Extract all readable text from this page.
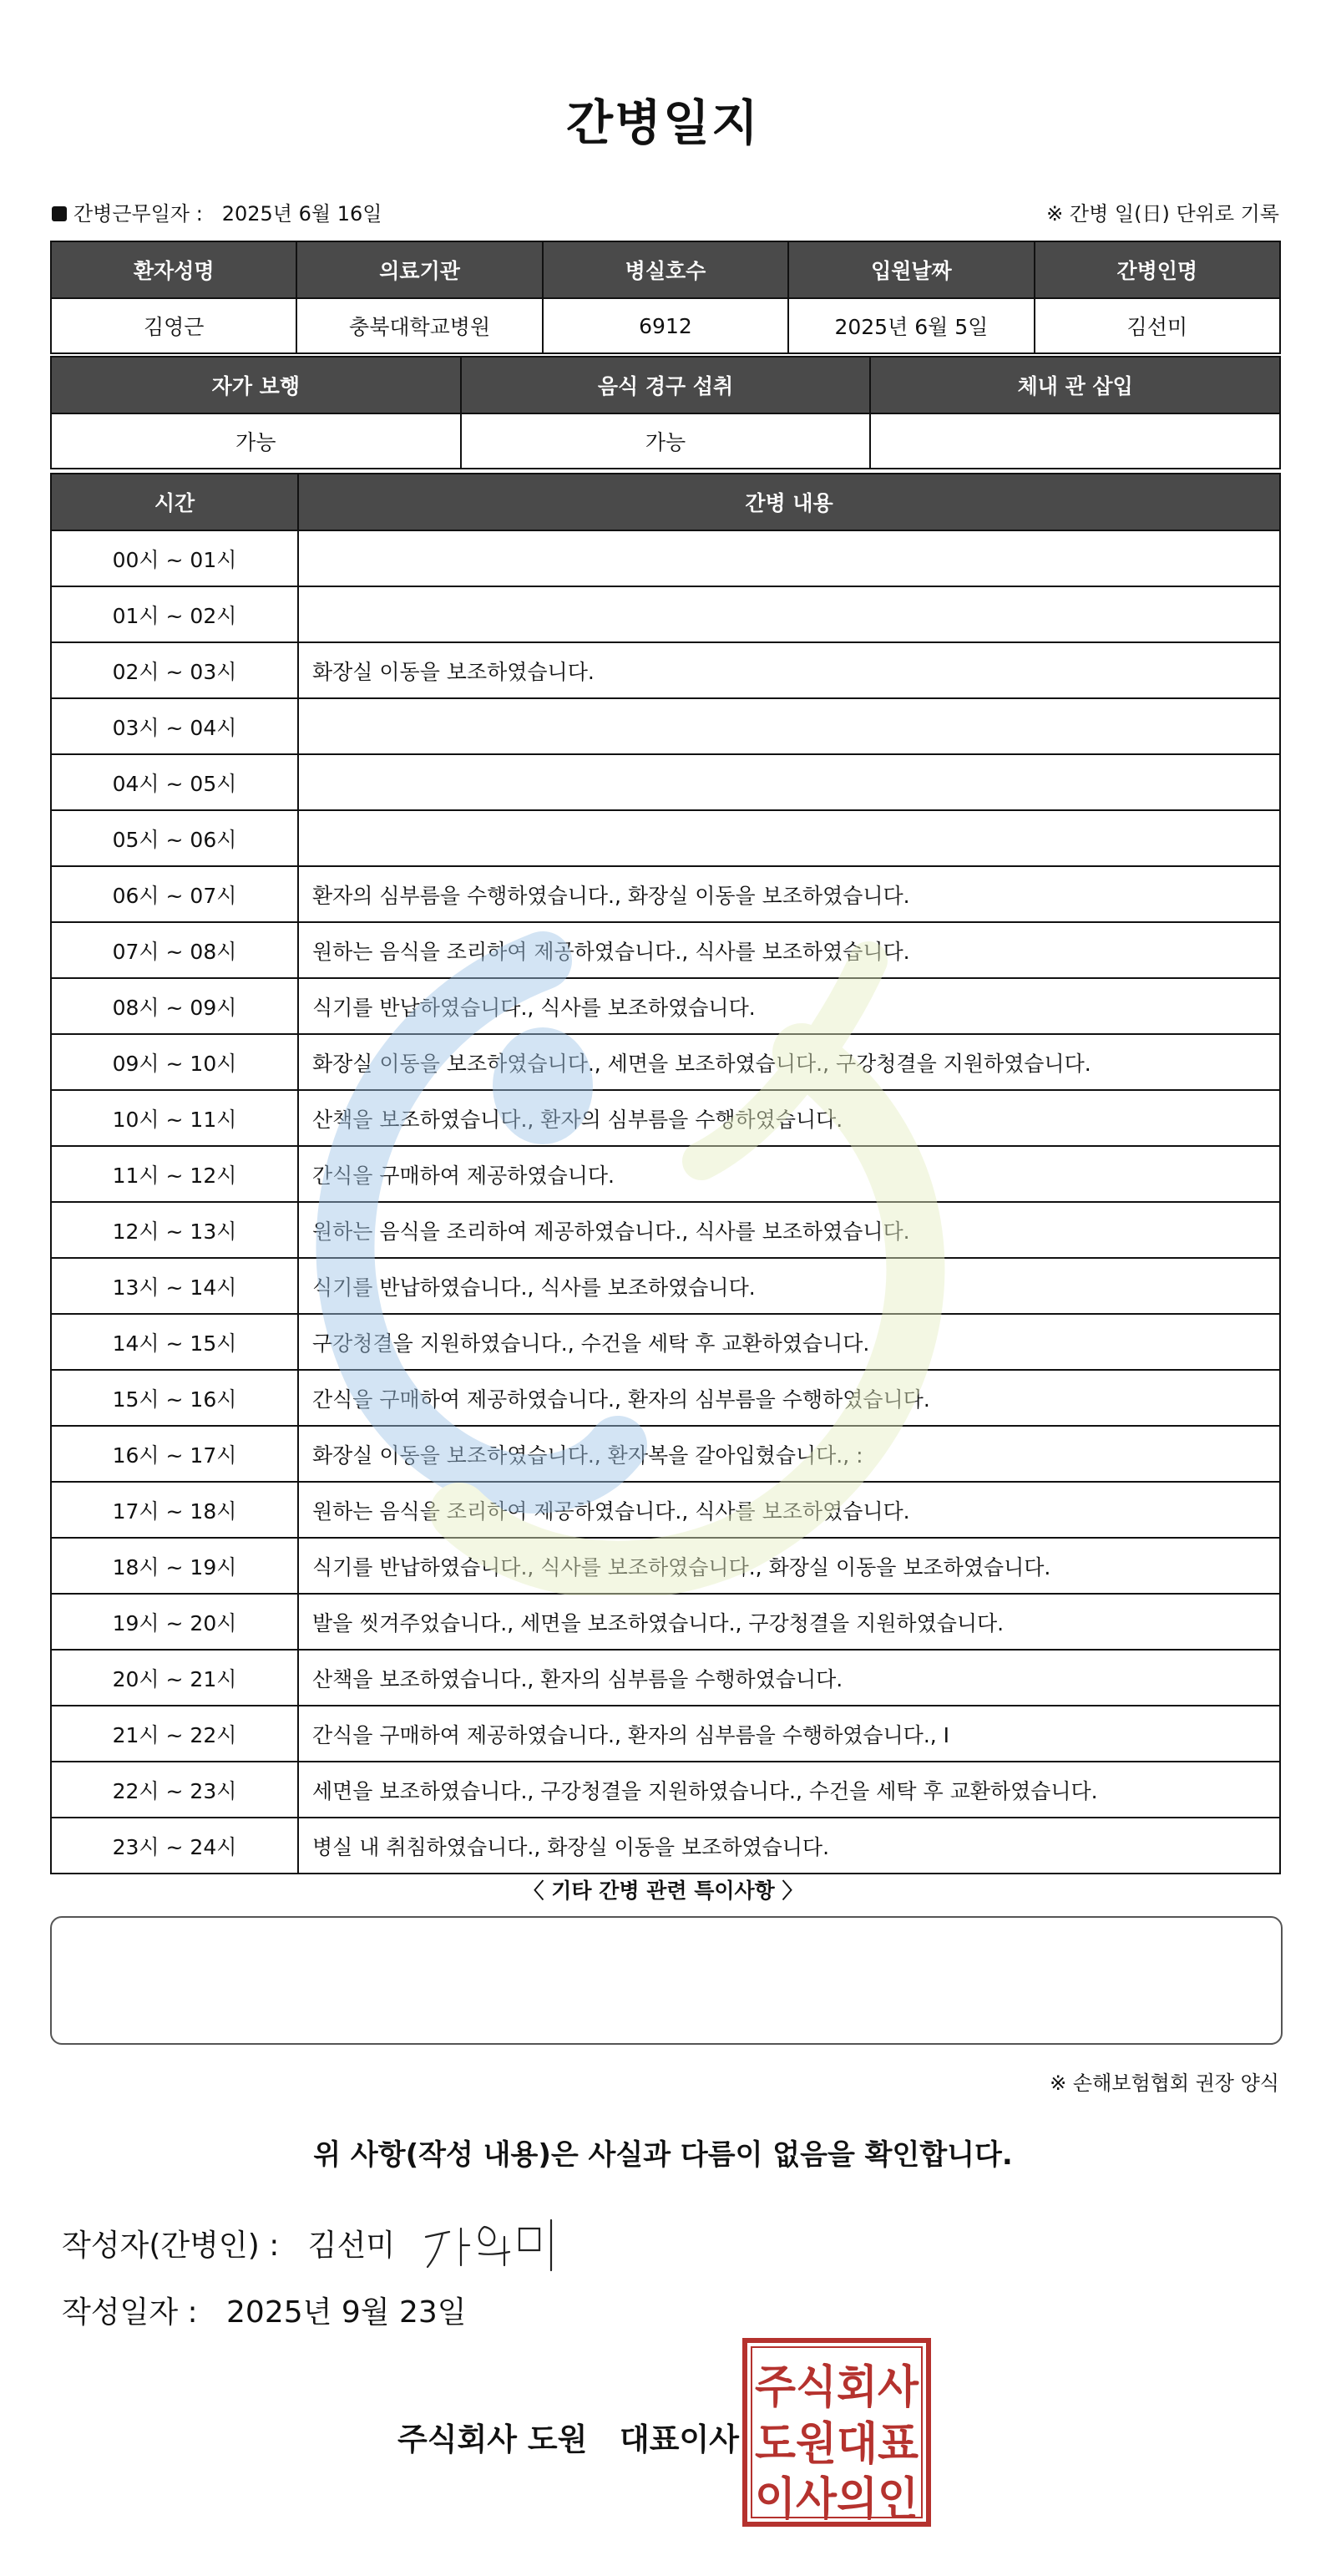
간병일지
간병근무일자 : 2025년 6월 16일	※ 간병 일(日) 단위로 기록
환자성명	의료기관	병실호수	입원날짜	간병인명
김영근	충북대학교병원	6912	2025년 6월 5일	김선미
자가 보행	음식 경구 섭취	체내 관 삽입
가능	가능	
시간	간병 내용
00시 ~ 01시	
01시 ~ 02시	
02시 ~ 03시	화장실 이동을 보조하였습니다.
03시 ~ 04시	
04시 ~ 05시	
05시 ~ 06시	
06시 ~ 07시	환자의 심부름을 수행하였습니다., 화장실 이동을 보조하였습니다.
07시 ~ 08시	원하는 음식을 조리하여 제공하였습니다., 식사를 보조하였습니다.
08시 ~ 09시	식기를 반납하였습니다., 식사를 보조하였습니다.
09시 ~ 10시	화장실 이동을 보조하였습니다., 세면을 보조하였습니다., 구강청결을 지원하였습니다.
10시 ~ 11시	산책을 보조하였습니다., 환자의 심부름을 수행하였습니다.
11시 ~ 12시	간식을 구매하여 제공하였습니다.
12시 ~ 13시	원하는 음식을 조리하여 제공하였습니다., 식사를 보조하였습니다.
13시 ~ 14시	식기를 반납하였습니다., 식사를 보조하였습니다.
14시 ~ 15시	구강청결을 지원하였습니다., 수건을 세탁 후 교환하였습니다.
15시 ~ 16시	간식을 구매하여 제공하였습니다., 환자의 심부름을 수행하였습니다.
16시 ~ 17시	화장실 이동을 보조하였습니다., 환자복을 갈아입혔습니다., :
17시 ~ 18시	원하는 음식을 조리하여 제공하였습니다., 식사를 보조하였습니다.
18시 ~ 19시	식기를 반납하였습니다., 식사를 보조하였습니다., 화장실 이동을 보조하였습니다.
19시 ~ 20시	발을 씻겨주었습니다., 세면을 보조하였습니다., 구강청결을 지원하였습니다.
20시 ~ 21시	산책을 보조하였습니다., 환자의 심부름을 수행하였습니다.
21시 ~ 22시	간식을 구매하여 제공하였습니다., 환자의 심부름을 수행하였습니다., I
22시 ~ 23시	세면을 보조하였습니다., 구강청결을 지원하였습니다., 수건을 세탁 후 교환하였습니다.
23시 ~ 24시	병실 내 취침하였습니다., 화장실 이동을 보조하였습니다.
〈 기타 간병 관련 특이사항 〉
※ 손해보험협회 권장 양식
위 사항(작성 내용)은 사실과 다름이 없음을 확인합니다.
작성자(간병인) : 김선미
작성일자 : 2025년 9월 23일
주식회사 도원   대표이사
주식회사
도원대표
이사의인
